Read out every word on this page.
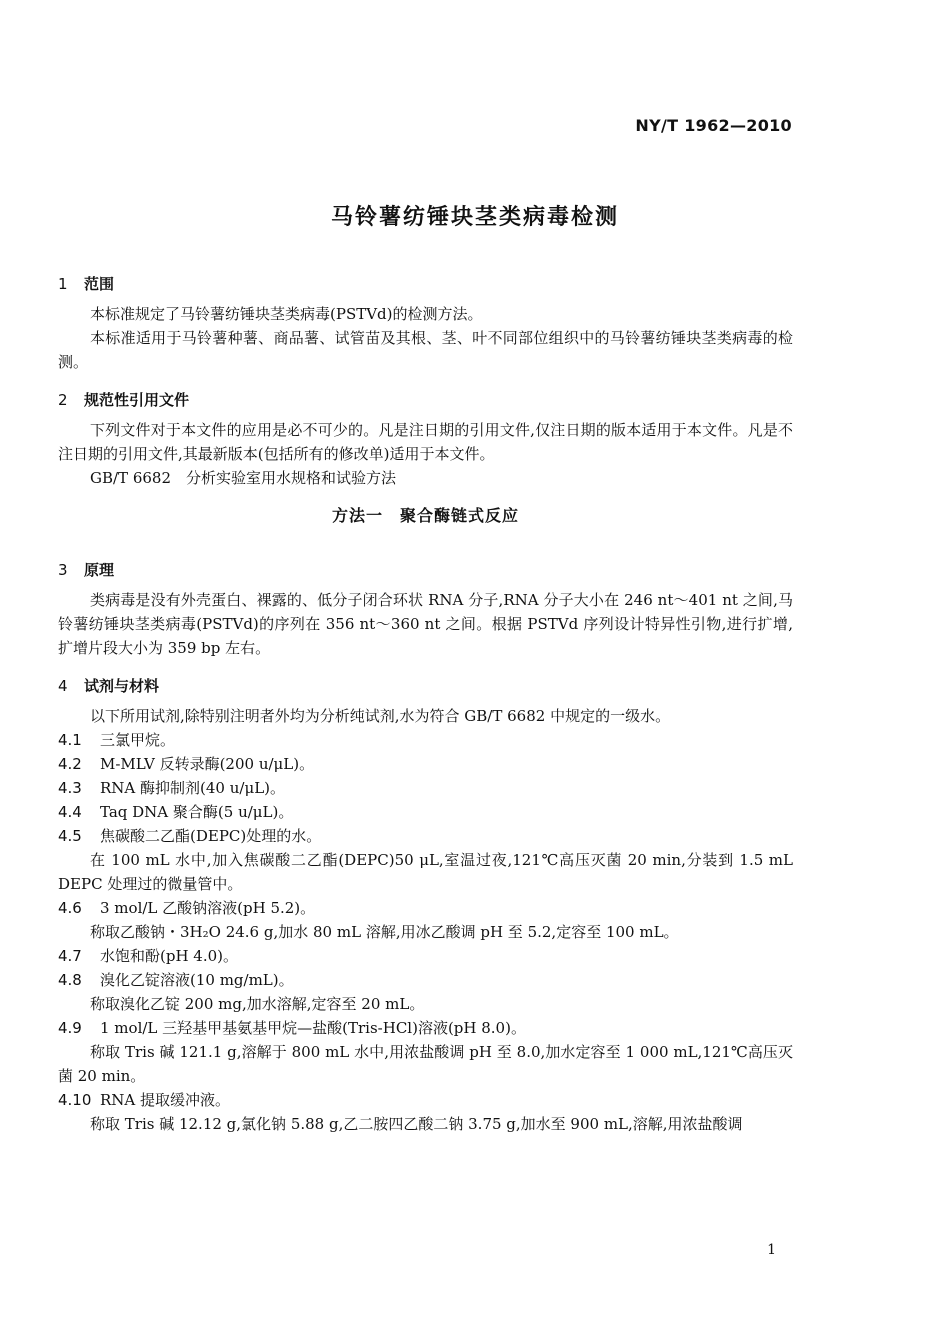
NY/T 1962—2010
马铃薯纺锤块茎类病毒检测
1 范围

本标准规定了马铃薯纺锤块茎类病毒(PSTVd)的检测方法。

本标准适用于马铃薯种薯、商品薯、试管苗及其根、茎、叶不同部位组织中的马铃薯纺锤块茎类病毒的检测。

2 规范性引用文件

下列文件对于本文件的应用是必不可少的。凡是注日期的引用文件,仅注日期的版本适用于本文件。凡是不注日期的引用文件,其最新版本(包括所有的修改单)适用于本文件。

GB/T 6682　分析实验室用水规格和试验方法

方法一　聚合酶链式反应

3 原理

类病毒是没有外壳蛋白、裸露的、低分子闭合环状 RNA 分子,RNA 分子大小在 246 nt～401 nt 之间,马铃薯纺锤块茎类病毒(PSTVd)的序列在 356 nt～360 nt 之间。根据 PSTVd 序列设计特异性引物,进行扩增,扩增片段大小为 359 bp 左右。

4 试剂与材料

以下所用试剂,除特别注明者外均为分析纯试剂,水为符合 GB/T 6682 中规定的一级水。

4.1 三氯甲烷。
4.2 M-MLV 反转录酶(200 u/μL)。
4.3 RNA 酶抑制剂(40 u/μL)。
4.4 Taq DNA 聚合酶(5 u/μL)。
4.5 焦碳酸二乙酯(DEPC)处理的水。

在 100 mL 水中,加入焦碳酸二乙酯(DEPC)50 μL,室温过夜,121℃高压灭菌 20 min,分装到 1.5 mL DEPC 处理过的微量管中。

4.6 3 mol/L 乙酸钠溶液(pH 5.2)。

称取乙酸钠・3H₂O 24.6 g,加水 80 mL 溶解,用冰乙酸调 pH 至 5.2,定容至 100 mL。

4.7 水饱和酚(pH 4.0)。
4.8 溴化乙锭溶液(10 mg/mL)。

称取溴化乙锭 200 mg,加水溶解,定容至 20 mL。

4.9 1 mol/L 三羟基甲基氨基甲烷—盐酸(Tris-HCl)溶液(pH 8.0)。

称取 Tris 碱 121.1 g,溶解于 800 mL 水中,用浓盐酸调 pH 至 8.0,加水定容至 1 000 mL,121℃高压灭菌 20 min。

4.10 RNA 提取缓冲液。

称取 Tris 碱 12.12 g,氯化钠 5.88 g,乙二胺四乙酸二钠 3.75 g,加水至 900 mL,溶解,用浓盐酸调

1
